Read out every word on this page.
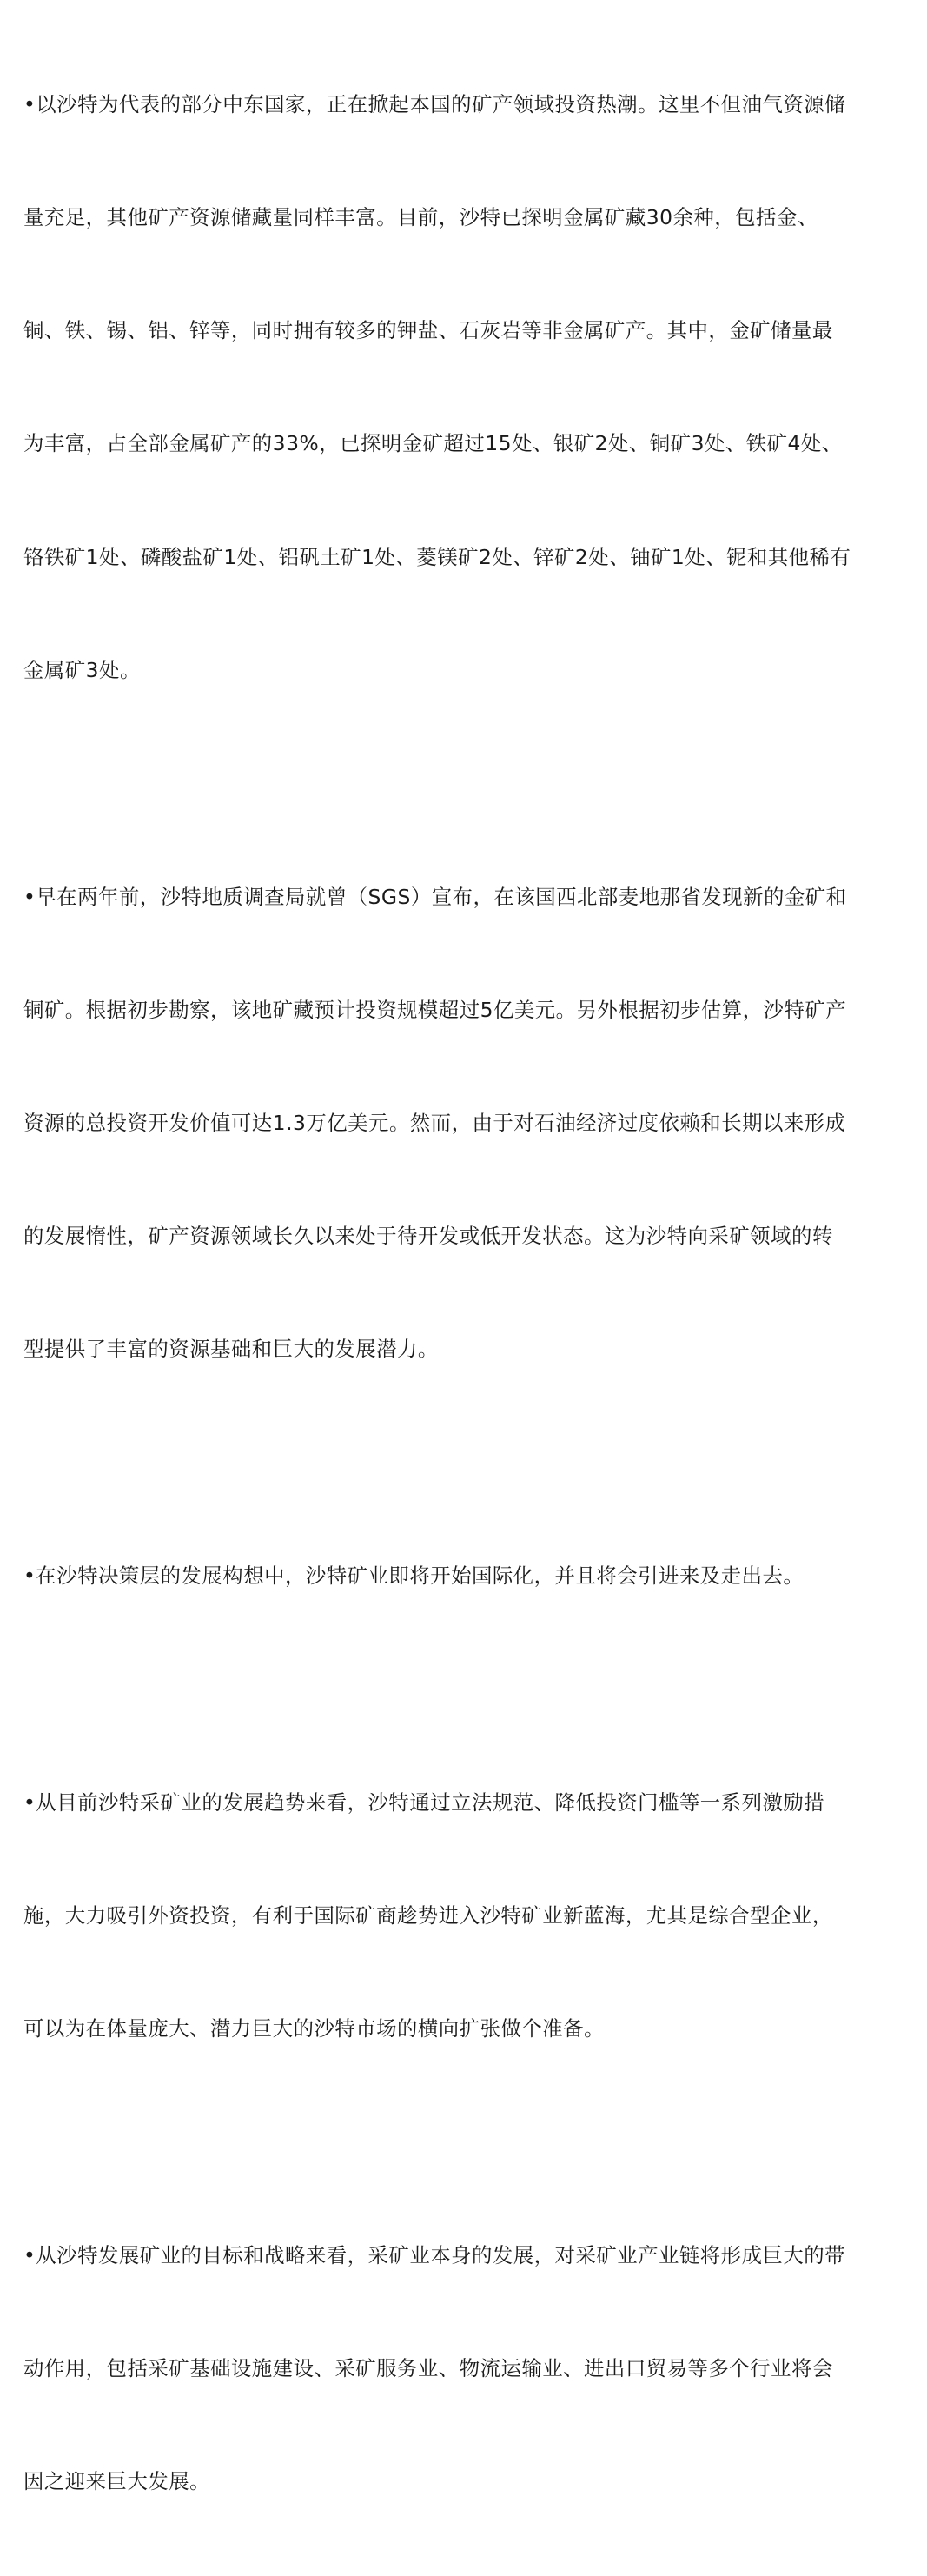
•以沙特为代表的部分中东国家，正在掀起本国的矿产领域投资热潮。这里不但油气资源储

量充足，其他矿产资源储藏量同样丰富。目前，沙特已探明金属矿藏30余种，包括金、

铜、铁、锡、铝、锌等，同时拥有较多的钾盐、石灰岩等非金属矿产。其中，金矿储量最

为丰富，占全部金属矿产的33%，已探明金矿超过15处、银矿2处、铜矿3处、铁矿4处、

铬铁矿1处、磷酸盐矿1处、铝矾土矿1处、菱镁矿2处、锌矿2处、铀矿1处、铌和其他稀有

金属矿3处。

•早在两年前，沙特地质调查局就曾（SGS）宣布，在该国西北部麦地那省发现新的金矿和

铜矿。根据初步勘察，该地矿藏预计投资规模超过5亿美元。另外根据初步估算，沙特矿产

资源的总投资开发价值可达1.3万亿美元。然而，由于对石油经济过度依赖和长期以来形成

的发展惰性，矿产资源领域长久以来处于待开发或低开发状态。这为沙特向采矿领域的转

型提供了丰富的资源基础和巨大的发展潜力。

•在沙特决策层的发展构想中，沙特矿业即将开始国际化，并且将会引进来及走出去。

•从目前沙特采矿业的发展趋势来看，沙特通过立法规范、降低投资门槛等一系列激励措

施，大力吸引外资投资，有利于国际矿商趁势进入沙特矿业新蓝海，尤其是综合型企业，

可以为在体量庞大、潜力巨大的沙特市场的横向扩张做个准备。

•从沙特发展矿业的目标和战略来看，采矿业本身的发展，对采矿业产业链将形成巨大的带

动作用，包括采矿基础设施建设、采矿服务业、物流运输业、进出口贸易等多个行业将会

因之迎来巨大发展。
